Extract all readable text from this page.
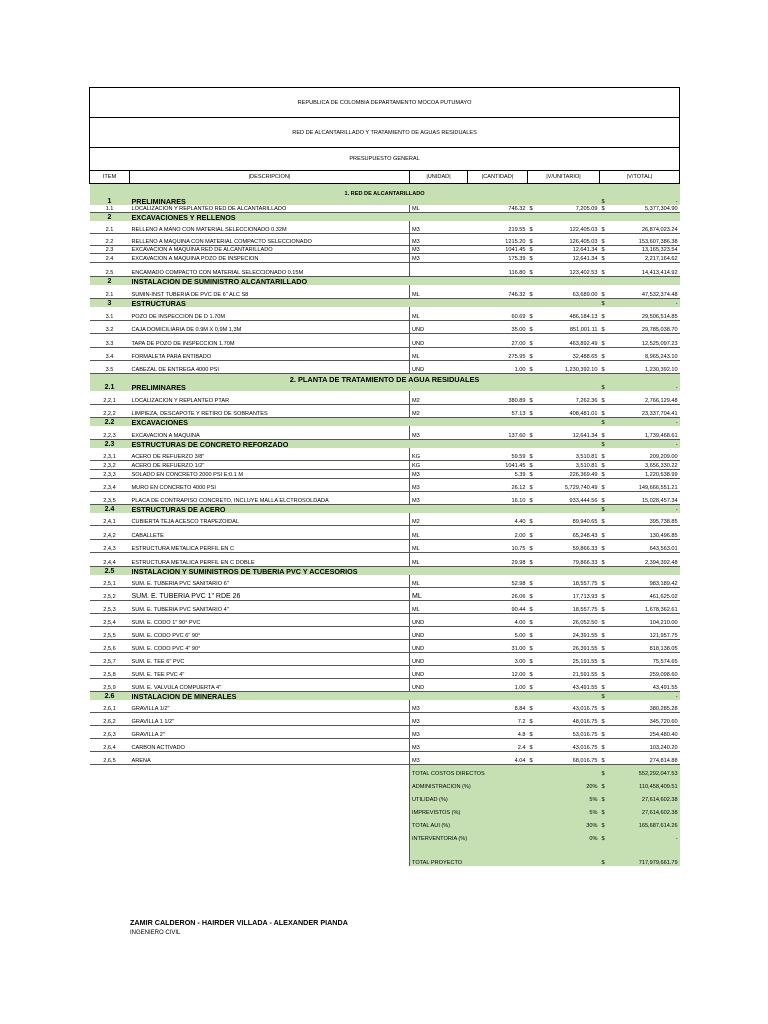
REPUBLICA DE COLOMBIA DEPARTAMENTO MOCOA PUTUMAYO							
RED DE ALCANTARILLADO Y TRATAMIENTO DE AGUAS RESIDUALES							
PRESUPUESTO GENERAL							
ITEM	|DESCRIPCION|	|UNIDAD|	|CANTIDAD|	|V/UNITARIO|		|V/TOTAL|	
1. RED DE ALCANTARILLADO							
1	PRELIMINARES					$	-
1.1	LOCALIZACION Y REPLANTEO RED DE ALCANTARILLADO	ML	746.32	$	7,205.09	$	5,377,304.90
2	EXCAVACIONES Y RELLENOS						
2.1	RELLENO A MANO CON MATERIAL SELECCIONADO 0.32M	M3	219.55	$	122,405.03	$	26,874,023.24
2.2	RELLENO A MAQUINA CON MATERIAL COMPACTO SELECCIONADO	M3	1215.20	$	126,405.03	$	153,607,386.38
2.3	EXCAVACION A MAQUINA RED DE ALCANTARILLADO	M3	1041.45	$	12,641.34	$	13,165,323.54
2.4	EXCAVACION A MAQUINA POZO DE INSPECION	M3	175.39	$	12,641.34	$	2,217,164.62
2.5	ENCAMADO COMPACTO CON MATERIAL SELECCIONADO 0.15M		116.80	$	123,402.53	$	14,413,414.92
2	INSTALACION DE SUMINISTRO ALCANTARILLADO						
2.1	SUMIN-INST TUBERIA DE PVC DE 6" ALC S8	ML	746.32	$	63,689.00	$	47,532,374.48
3	ESTRUCTURAS					$	-
3.1	POZO DE INSPECCION DE D 1.70M	ML	60.69	$	486,184.13	$	29,506,514.85
3.2	CAJA DOMICILIARIA DE 0.9M X 0,9M 1,3M	UND	35.00	$	851,001.11	$	29,785,038.70
3.3	TAPA DE POZO DE INSPECCION 1.70M	UND	27.00	$	463,892.49	$	12,525,097.23
3.4	FORMALETA PARA ENTIBADO	ML	275.95	$	32,488.65	$	8,965,243.10
3.5	CABEZAL DE ENTREGA 4000 PSI	UND	1.00	$	1,230,392.10	$	1,230,392.10
2. PLANTA DE TRATAMIENTO DE AGUA RESIDUALES							
2.1	PRELIMINARES					$	-
2,2,1	LOCALIZACION Y REPLANTEO PTAR	M2	380.89	$	7,262.36	$	2,766,129.48
2,2,2	LIMPIEZA, DESCAPOTE Y RETIRO DE SOBRANTES	M2	57.13	$	408,481.01	$	23,337,704.41
2.2	EXCAVACIONES					$	-
2,2,3	EXCAVACION A MAQUINA	M3	137.60	$	12,641.34	$	1,739,468.61
2.3	ESTRUCTURAS DE CONCRETO REFORZADO					$	-
2,3,1	ACERO DE REFUERZO 3/8"	KG	59.59	$	3,510.81	$	209,209.00
2,3,2	ACERO DE REFUERZO 1/2"	KG	1041.45	$	3,510.81	$	3,656,330.22
2,3,3	SOLADO EN CONCRETO 2000 PSI E:0.1 M	M3	5.39	$	226,369.49	$	1,220,538.99
2,3,4	MURO EN CONCRETO 4000 PSI	M3	26.12	$	5,729,740.49	$	149,666,551.21
2,3,5	PLACA DE CONTRAPISO CONCRETO, INCLUYE MALLA ELCTROSOLDADA	M3	16.10	$	933,444.56	$	15,028,457.34
2.4	ESTRUCTURAS DE ACERO					$	-
2,4,1	CUBIERTA TEJA ACESCO TRAPEZOIDAL	M2	4.40	$	89,940.65	$	395,738.85
2,4,2	CABALLETE	ML	2.00	$	65,248.43	$	130,496.85
2,4,3	ESTRUCTURA METALICA PERFIL EN C	ML	10.75	$	59,866.33	$	643,563.01
2,4,4	ESTRUCTURA METALICA PERFIL EN C DOBLE	ML	29.98	$	79,866.33	$	2,394,392.48
2.5	INSTALACION Y SUMINISTROS DE TUBERIA PVC Y ACCESORIOS						
2,5,1	SUM. E. TUBERIA PVC SANITARIO 6"	ML	52.98	$	18,557.75	$	983,189.42
2,5,2	SUM. E. TUBERIA PVC 1" RDE 26	ML	26.06	$	17,713.93	$	461,625.02
2,5,3	SUM. E. TUBERIA PVC SANITARIO 4"	ML	90.44	$	18,557.75	$	1,678,362.61
2,5,4	SUM. E. CODO 1" 90° PVC	UND	4.00	$	26,052.50	$	104,210.00
2,5,5	SUM. E. CODO PVC 6" 90°	UND	5.00	$	24,391.55	$	121,957.75
2,5,6	SUM. E. CODO PVC 4" 90°	UND	31.00	$	26,391.55	$	818,138.05
2,5,7	SUM. E. TEE 6" PVC	UND	3.00	$	25,191.55	$	75,574.65
2,5,8	SUM. E. TEE PVC 4"	UND	12.00	$	21,591.55	$	259,098.60
2,5,9	SUM. E. VALVULA COMPUERTA 4"	UND	1.00	$	43,491.55	$	43,491.55
2.6	INSTALACION DE MINERALES					$	-
2,6,1	GRAVILLA 1/2"	M3	8.84	$	43,016.75	$	380,285.28
2,6,2	GRAVILLA 1 1/2"	M3	7.2	$	48,016.75	$	345,720.60
2,6,3	GRAVILLA 2"	M3	4.8	$	53,016.75	$	254,480.40
2,6,4	CARBON ACTIVADO	M3	2.4	$	43,016.75	$	103,240.20
2,6,5	ARENA	M3	4.04	$	68,016.75	$	274,814.88
		TOTAL COSTOS DIRECTOS				$	552,292,047.53
		ADMINISTRACION (%)			20%	$	110,458,409.51
		UTILIDAD (%)			5%	$	27,614,602.38
		IMPREVISTOS (%)			5%	$	27,614,602.38
		TOTAL AUI (%)			30%	$	165,687,614.26
		INTERVENTORIA (%)			0%	$	-

		TOTAL PROYECTO				$	717,979,661.79
ZAMIR CALDERON - HAIRDER VILLADA - ALEXANDER PIANDA
INGENIERO CIVIL
